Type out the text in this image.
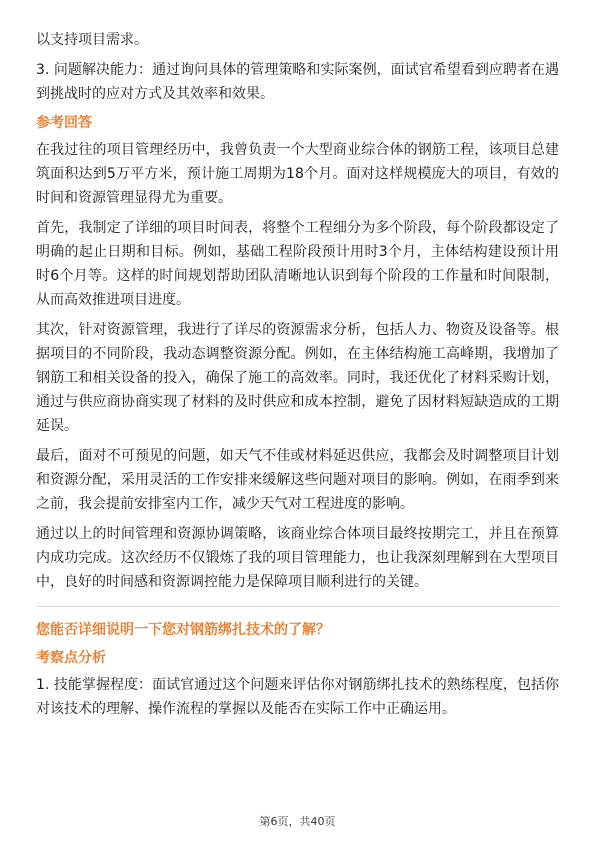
以支持项目需求。

3. 问题解决能力：通过询问具体的管理策略和实际案例，面试官希望看到应聘者在遇到挑战时的应对方式及其效率和效果。

参考回答

在我过往的项目管理经历中，我曾负责一个大型商业综合体的钢筋工程，该项目总建筑面积达到5万平方米，预计施工周期为18个月。面对这样规模庞大的项目，有效的时间和资源管理显得尤为重要。

首先，我制定了详细的项目时间表，将整个工程细分为多个阶段，每个阶段都设定了明确的起止日期和目标。例如，基础工程阶段预计用时3个月，主体结构建设预计用时6个月等。这样的时间规划帮助团队清晰地认识到每个阶段的工作量和时间限制，从而高效推进项目进度。

其次，针对资源管理，我进行了详尽的资源需求分析，包括人力、物资及设备等。根据项目的不同阶段，我动态调整资源分配。例如，在主体结构施工高峰期，我增加了钢筋工和相关设备的投入，确保了施工的高效率。同时，我还优化了材料采购计划，通过与供应商协商实现了材料的及时供应和成本控制，避免了因材料短缺造成的工期延误。

最后，面对不可预见的问题，如天气不佳或材料延迟供应，我都会及时调整项目计划和资源分配，采用灵活的工作安排来缓解这些问题对项目的影响。例如，在雨季到来之前，我会提前安排室内工作，减少天气对工程进度的影响。

通过以上的时间管理和资源协调策略，该商业综合体项目最终按期完工，并且在预算内成功完成。这次经历不仅锻炼了我的项目管理能力，也让我深刻理解到在大型项目中，良好的时间感和资源调控能力是保障项目顺利进行的关键。

您能否详细说明一下您对钢筋绑扎技术的了解？
考察点分析

1. 技能掌握程度：面试官通过这个问题来评估你对钢筋绑扎技术的熟练程度，包括你对该技术的理解、操作流程的掌握以及能否在实际工作中正确运用。

第6页，共40页
